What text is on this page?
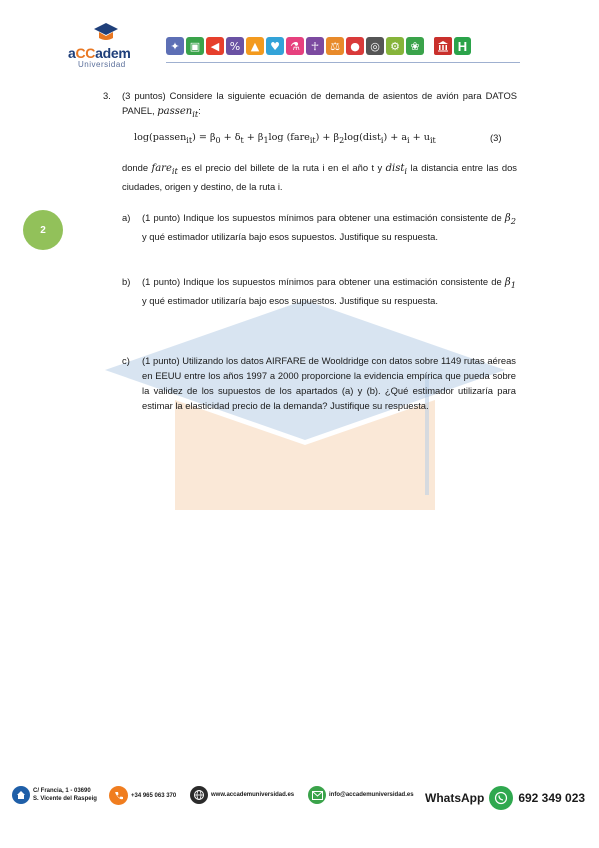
aCCadem
Universidad
✦ ▣ ◀ % ▲ ♥ ⚗ ☥ ⚖ ● ◎ ⚙ ❀	H
2
3. (3 puntos) Considere la siguiente ecuación de demanda de asientos de avión para DATOS PANEL, passen$_{it}$:
log(passen$_{it}$) = $\beta_0 + \delta_t + \beta_1\log$ (fare$_{it}$) + $\beta_2\log(dist_i) + a_i + u_{it}$	(3)
donde fare$_{it}$ es el precio del billete de la ruta i en el año t y dist$_i$ la distancia entre las dos ciudades, origen y destino, de la ruta i.
a)	(1 punto) Indique los supuestos mínimos para obtener una estimación consistente de $\beta_2$ y qué estimador utilizaría bajo esos supuestos. Justifique su respuesta.
b)	(1 punto) Indique los supuestos mínimos para obtener una estimación consistente de $\beta_1$ y qué estimador utilizaría bajo esos supuestos. Justifique su respuesta.
c)	(1 punto) Utilizando los datos AIRFARE de Wooldridge con datos sobre 1149 rutas aéreas en EEUU entre los años 1997 a 2000 proporcione la evidencia empírica que pueda sobre la validez de los supuestos de los apartados (a) y (b). ¿Qué estimador utilizaría para estimar la elasticidad precio de la demanda? Justifique su respuesta.
C/ Francia, 1 - 03690
S. Vicente del Raspeig
+34 965 063 370	www.accademuniversidad.es	info@accademuniversidad.es WhatsApp	692 349 023
